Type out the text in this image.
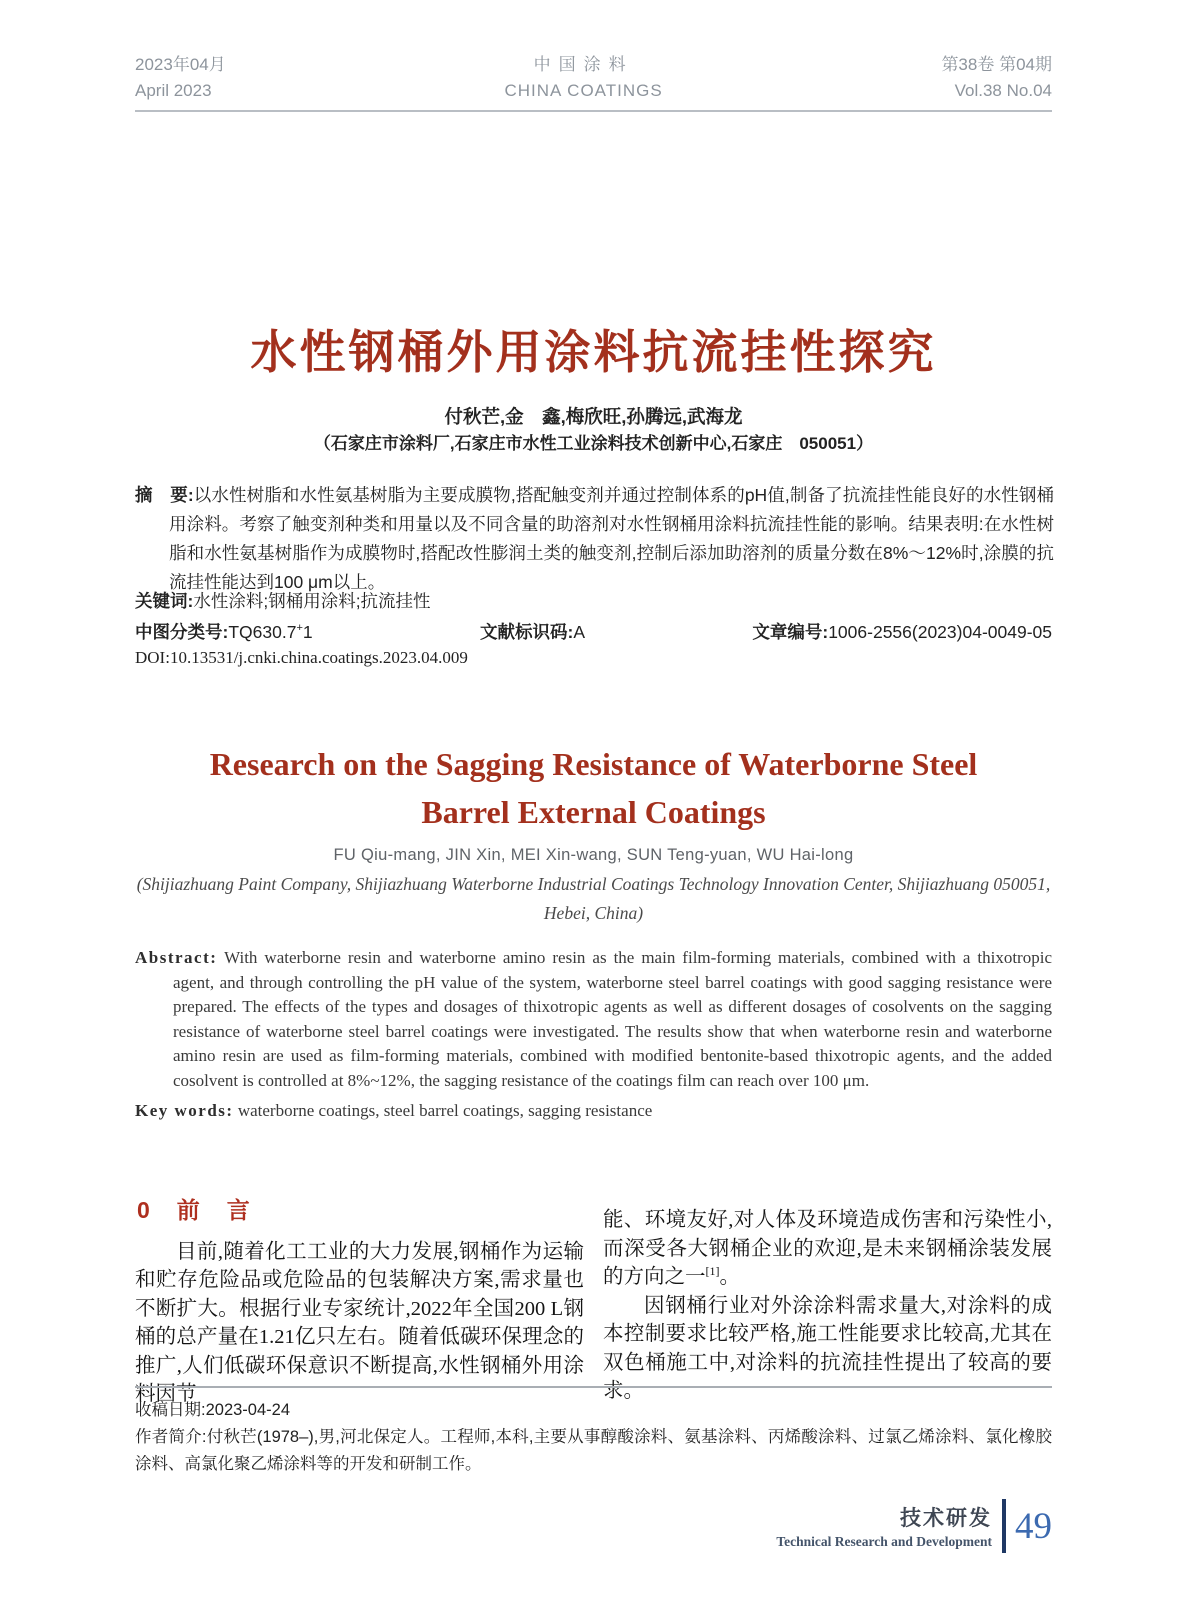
2023年04月
April 2023
中国涂料
CHINA COATINGS
第38卷 第04期
Vol.38 No.04
水性钢桶外用涂料抗流挂性探究
付秋芒,金　鑫,梅欣旺,孙腾远,武海龙
（石家庄市涂料厂,石家庄市水性工业涂料技术创新中心,石家庄　050051）

摘　要:以水性树脂和水性氨基树脂为主要成膜物,搭配触变剂并通过控制体系的pH值,制备了抗流挂性能良好的水性钢桶用涂料。考察了触变剂种类和用量以及不同含量的助溶剂对水性钢桶用涂料抗流挂性能的影响。结果表明:在水性树脂和水性氨基树脂作为成膜物时,搭配改性膨润土类的触变剂,控制后添加助溶剂的质量分数在8%～12%时,涂膜的抗流挂性能达到100 μm以上。

关键词:水性涂料;钢桶用涂料;抗流挂性
中图分类号:TQ630.7+1	文献标识码:A	文章编号:1006-2556(2023)04-0049-05
DOI:10.13531/j.cnki.china.coatings.2023.04.009
Research on the Sagging Resistance of Waterborne Steel
Barrel External Coatings
FU Qiu-mang, JIN Xin, MEI Xin-wang, SUN Teng-yuan, WU Hai-long
(Shijiazhuang Paint Company, Shijiazhuang Waterborne Industrial Coatings Technology Innovation Center, Shijiazhuang 050051, Hebei, China)

Abstract: With waterborne resin and waterborne amino resin as the main film-forming materials, combined with a thixotropic agent, and through controlling the pH value of the system, waterborne steel barrel coatings with good sagging resistance were prepared. The effects of the types and dosages of thixotropic agents as well as different dosages of cosolvents on the sagging resistance of waterborne steel barrel coatings were investigated. The results show that when waterborne resin and waterborne amino resin are used as film-forming materials, combined with modified bentonite-based thixotropic agents, and the added cosolvent is controlled at 8%~12%, the sagging resistance of the coatings film can reach over 100 μm.

Key words: waterborne coatings, steel barrel coatings, sagging resistance

0　前　言

目前,随着化工工业的大力发展,钢桶作为运输和贮存危险品或危险品的包装解决方案,需求量也不断扩大。根据行业专家统计,2022年全国200 L钢桶的总产量在1.21亿只左右。随着低碳环保理念的推广,人们低碳环保意识不断提高,水性钢桶外用涂料因节

能、环境友好,对人体及环境造成伤害和污染性小,而深受各大钢桶企业的欢迎,是未来钢桶涂装发展的方向之一[1]。

因钢桶行业对外涂涂料需求量大,对涂料的成本控制要求比较严格,施工性能要求比较高,尤其在双色桶施工中,对涂料的抗流挂性提出了较高的要求。

收稿日期:2023-04-24
作者简介:付秋芒(1978–),男,河北保定人。工程师,本科,主要从事醇酸涂料、氨基涂料、丙烯酸涂料、过氯乙烯涂料、氯化橡胶涂料、高氯化聚乙烯涂料等的开发和研制工作。
技术研发
Technical Research and Development 49
